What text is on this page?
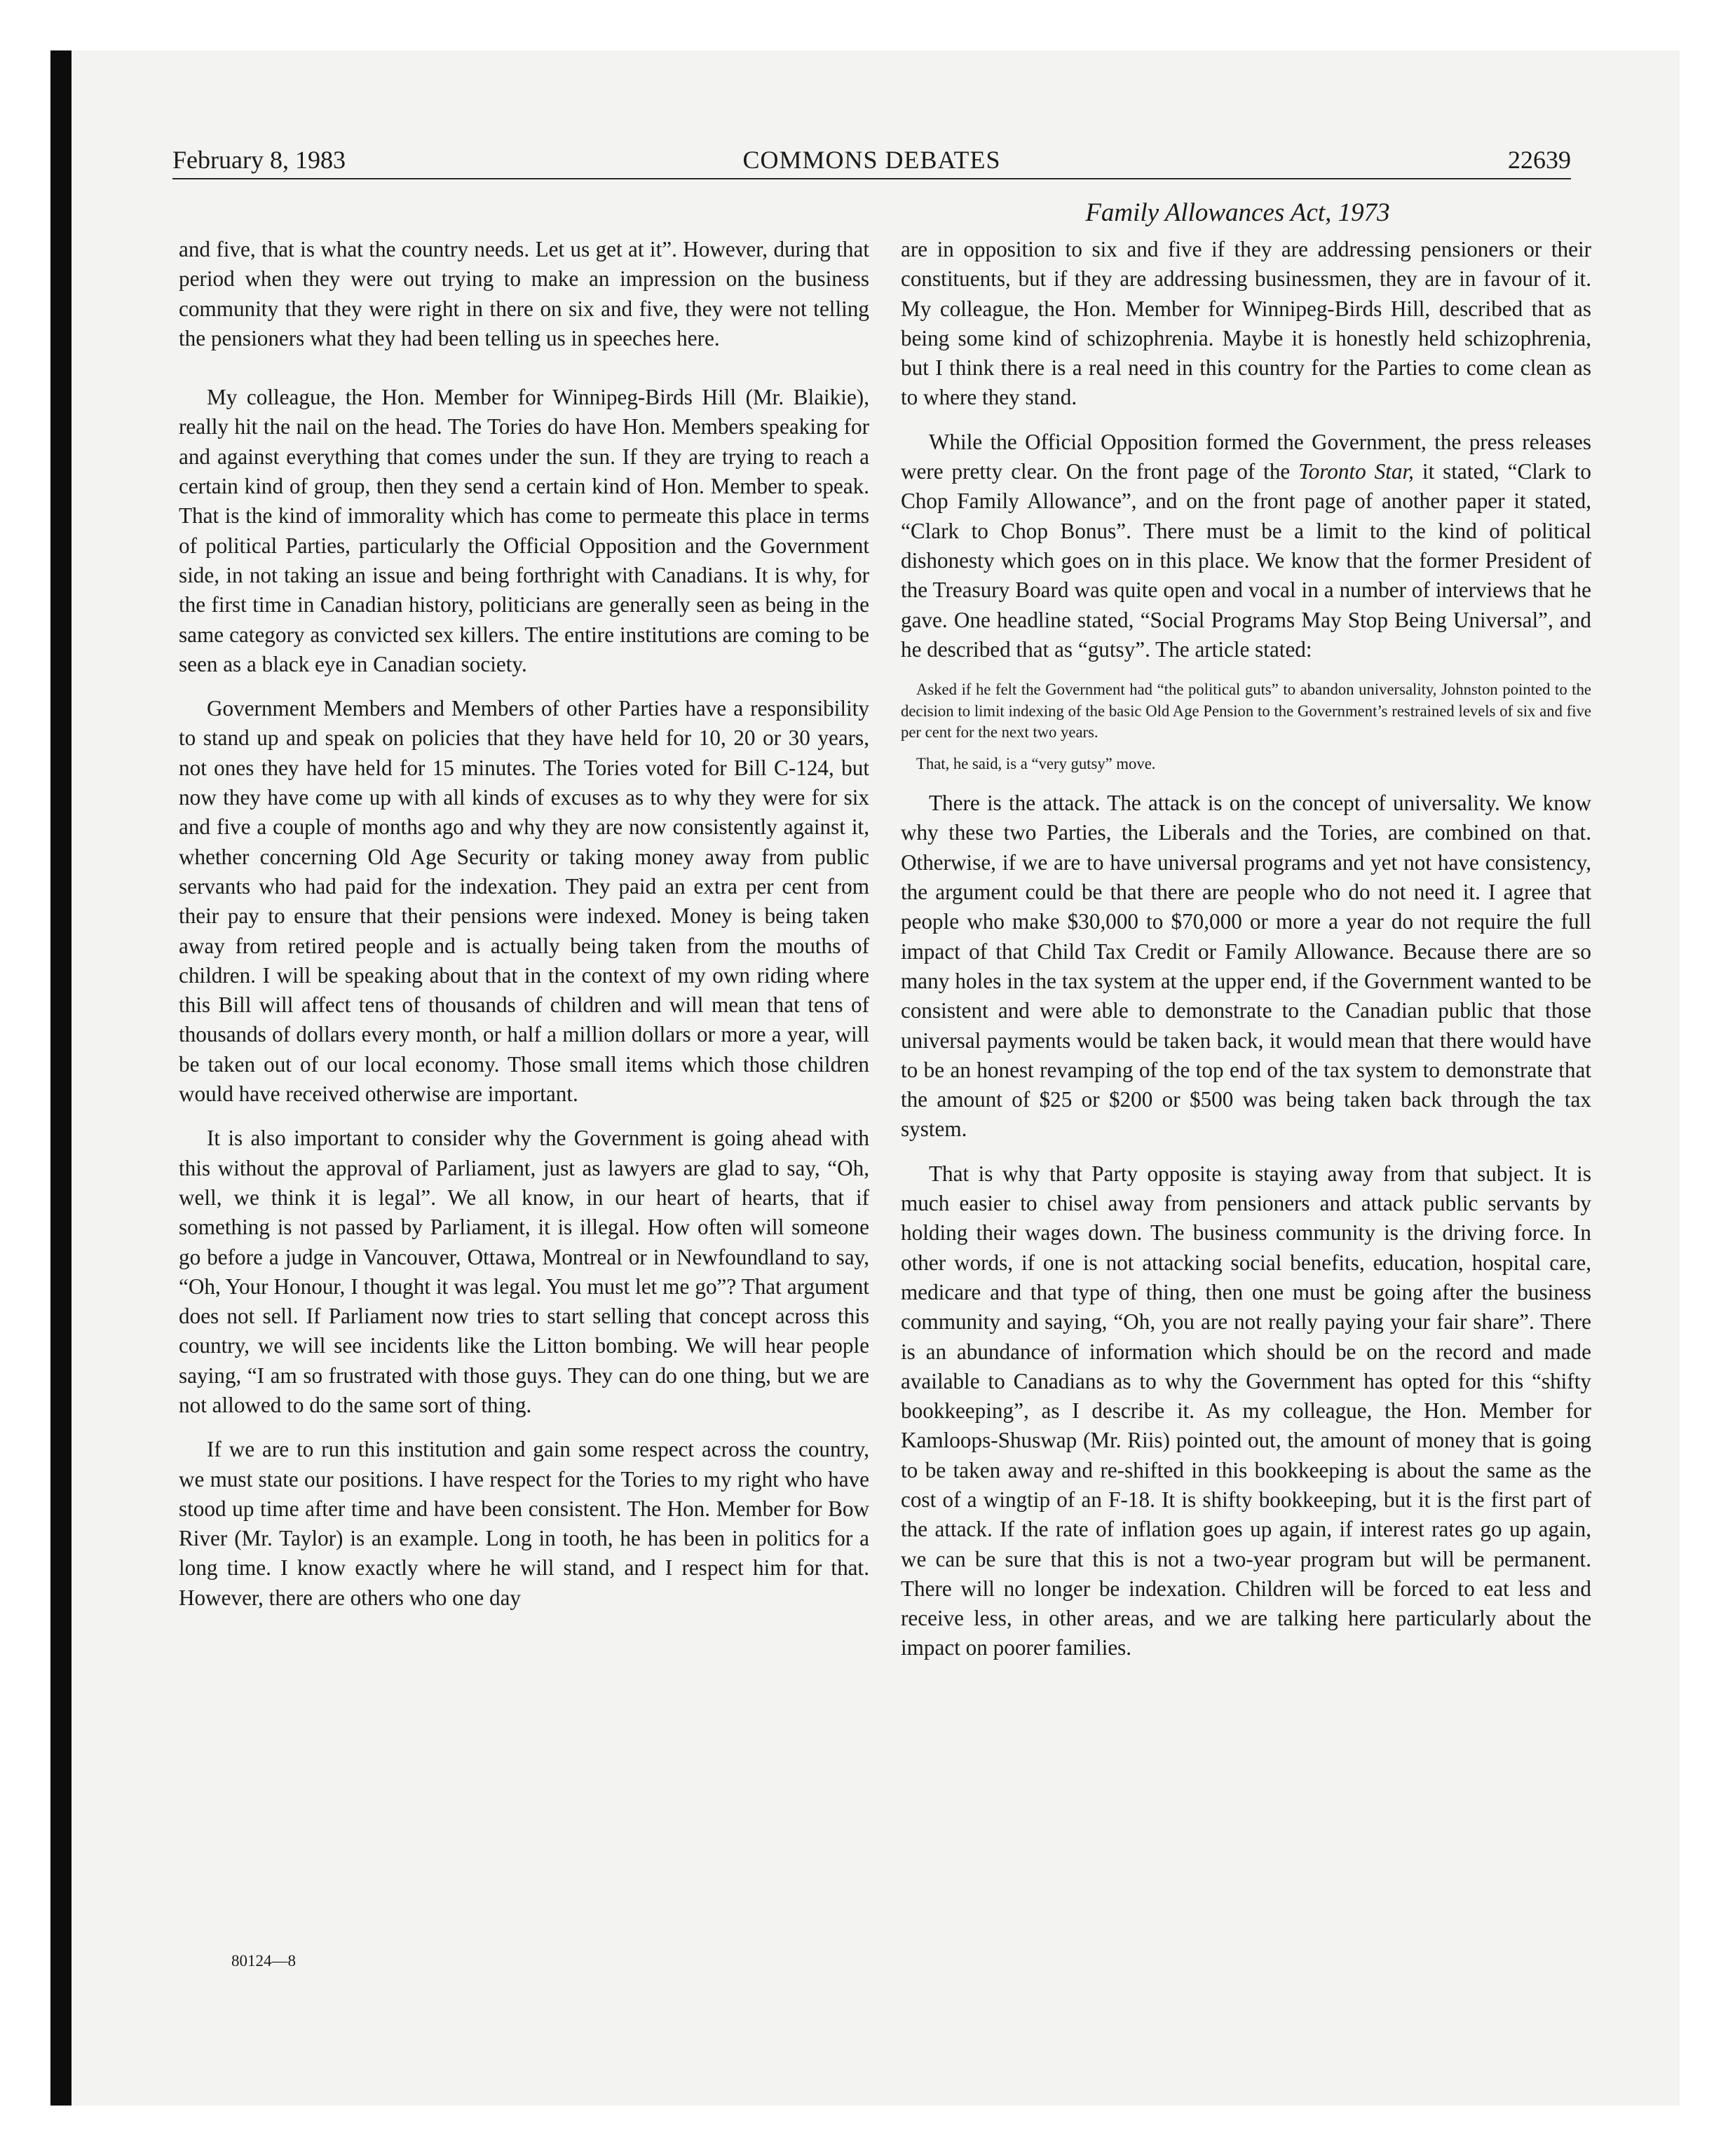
February 8, 1983	COMMONS DEBATES	22639
Family Allowances Act, 1973

and five, that is what the country needs. Let us get at it”. However, during that period when they were out trying to make an impression on the business community that they were right in there on six and five, they were not telling the pensioners what they had been telling us in speeches here.

My colleague, the Hon. Member for Winnipeg-Birds Hill (Mr. Blaikie), really hit the nail on the head. The Tories do have Hon. Members speaking for and against everything that comes under the sun. If they are trying to reach a certain kind of group, then they send a certain kind of Hon. Member to speak. That is the kind of immorality which has come to permeate this place in terms of political Parties, particularly the Official Opposition and the Government side, in not taking an issue and being forthright with Canadians. It is why, for the first time in Canadian history, politicians are generally seen as being in the same category as convicted sex killers. The entire institutions are coming to be seen as a black eye in Canadian society.

Government Members and Members of other Parties have a responsibility to stand up and speak on policies that they have held for 10, 20 or 30 years, not ones they have held for 15 minutes. The Tories voted for Bill C-124, but now they have come up with all kinds of excuses as to why they were for six and five a couple of months ago and why they are now consistently against it, whether concerning Old Age Security or taking money away from public servants who had paid for the indexation. They paid an extra per cent from their pay to ensure that their pensions were indexed. Money is being taken away from retired people and is actually being taken from the mouths of children. I will be speaking about that in the context of my own riding where this Bill will affect tens of thousands of children and will mean that tens of thousands of dollars every month, or half a million dollars or more a year, will be taken out of our local economy. Those small items which those children would have received otherwise are important.

It is also important to consider why the Government is going ahead with this without the approval of Parliament, just as lawyers are glad to say, “Oh, well, we think it is legal”. We all know, in our heart of hearts, that if something is not passed by Parliament, it is illegal. How often will someone go before a judge in Vancouver, Ottawa, Montreal or in Newfoundland to say, “Oh, Your Honour, I thought it was legal. You must let me go”? That argument does not sell. If Parliament now tries to start selling that concept across this country, we will see incidents like the Litton bombing. We will hear people saying, “I am so frustrated with those guys. They can do one thing, but we are not allowed to do the same sort of thing.

If we are to run this institution and gain some respect across the country, we must state our positions. I have respect for the Tories to my right who have stood up time after time and have been consistent. The Hon. Member for Bow River (Mr. Taylor) is an example. Long in tooth, he has been in politics for a long time. I know exactly where he will stand, and I respect him for that. However, there are others who one day

are in opposition to six and five if they are addressing pensioners or their constituents, but if they are addressing businessmen, they are in favour of it. My colleague, the Hon. Member for Winnipeg-Birds Hill, described that as being some kind of schizophrenia. Maybe it is honestly held schizophrenia, but I think there is a real need in this country for the Parties to come clean as to where they stand.

While the Official Opposition formed the Government, the press releases were pretty clear. On the front page of the Toronto Star, it stated, “Clark to Chop Family Allowance”, and on the front page of another paper it stated, “Clark to Chop Bonus”. There must be a limit to the kind of political dishonesty which goes on in this place. We know that the former President of the Treasury Board was quite open and vocal in a number of interviews that he gave. One headline stated, “Social Programs May Stop Being Universal”, and he described that as “gutsy”. The article stated:

Asked if he felt the Government had “the political guts” to abandon universality, Johnston pointed to the decision to limit indexing of the basic Old Age Pension to the Government’s restrained levels of six and five per cent for the next two years.

That, he said, is a “very gutsy” move.

There is the attack. The attack is on the concept of universality. We know why these two Parties, the Liberals and the Tories, are combined on that. Otherwise, if we are to have universal programs and yet not have consistency, the argument could be that there are people who do not need it. I agree that people who make $30,000 to $70,000 or more a year do not require the full impact of that Child Tax Credit or Family Allowance. Because there are so many holes in the tax system at the upper end, if the Government wanted to be consistent and were able to demonstrate to the Canadian public that those universal payments would be taken back, it would mean that there would have to be an honest revamping of the top end of the tax system to demonstrate that the amount of $25 or $200 or $500 was being taken back through the tax system.

That is why that Party opposite is staying away from that subject. It is much easier to chisel away from pensioners and attack public servants by holding their wages down. The business community is the driving force. In other words, if one is not attacking social benefits, education, hospital care, medicare and that type of thing, then one must be going after the business community and saying, “Oh, you are not really paying your fair share”. There is an abundance of information which should be on the record and made available to Canadians as to why the Government has opted for this “shifty bookkeeping”, as I describe it. As my colleague, the Hon. Member for Kamloops-Shuswap (Mr. Riis) pointed out, the amount of money that is going to be taken away and re-shifted in this bookkeeping is about the same as the cost of a wingtip of an F-18. It is shifty bookkeeping, but it is the first part of the attack. If the rate of inflation goes up again, if interest rates go up again, we can be sure that this is not a two-year program but will be permanent. There will no longer be indexation. Children will be forced to eat less and receive less, in other areas, and we are talking here particularly about the impact on poorer families.

80124—8
